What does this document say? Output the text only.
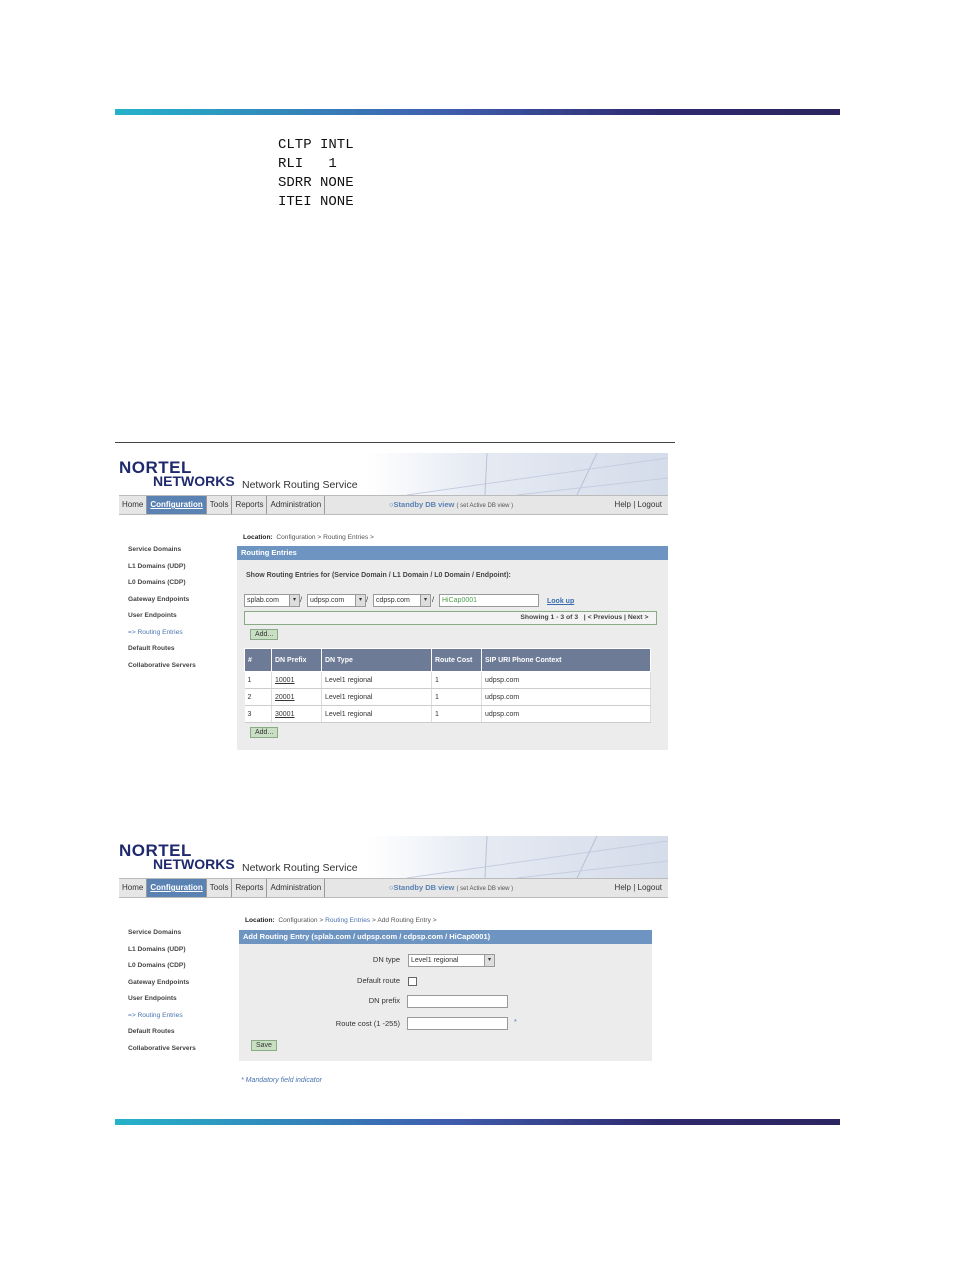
CLTP INTL
RLI   1
SDRR NONE
ITEI NONE
NORTEL
NETWORKS Network Routing Service
Home Configuration Tools Reports Administration	○Standby DB view ( set Active DB view )	Help | Logout
Service Domains
L1 Domains (UDP)
L0 Domains (CDP)
Gateway Endpoints
User Endpoints
=> Routing Entries
Default Routes
Collaborative Servers
Location: Configuration > Routing Entries >
Routing Entries
Show Routing Entries for (Service Domain / L1 Domain / L0 Domain / Endpoint):
splab.com	▾ /	udpsp.com	▾ /	cdpsp.com	▾ /	HiCap0001	Look up
Showing 1 - 3 of 3   | < Previous | Next >
Add...
#	DN Prefix	DN Type	Route Cost	SIP URI Phone Context
1	10001	Level1 regional	1	udpsp.com
2	20001	Level1 regional	1	udpsp.com
3	30001	Level1 regional	1	udpsp.com
Add...
NORTEL
NETWORKS Network Routing Service
Home Configuration Tools Reports Administration	○Standby DB view ( set Active DB view )	Help | Logout
Service Domains
L1 Domains (UDP)
L0 Domains (CDP)
Gateway Endpoints
User Endpoints
=> Routing Entries
Default Routes
Collaborative Servers
Location: Configuration > Routing Entries > Add Routing Entry >
Add Routing Entry (splab.com / udpsp.com / cdpsp.com / HiCap0001)
DN type	Level1 regional	▾
Default route
DN prefix
Route cost (1 -255)	*
Save
* Mandatory field indicator
